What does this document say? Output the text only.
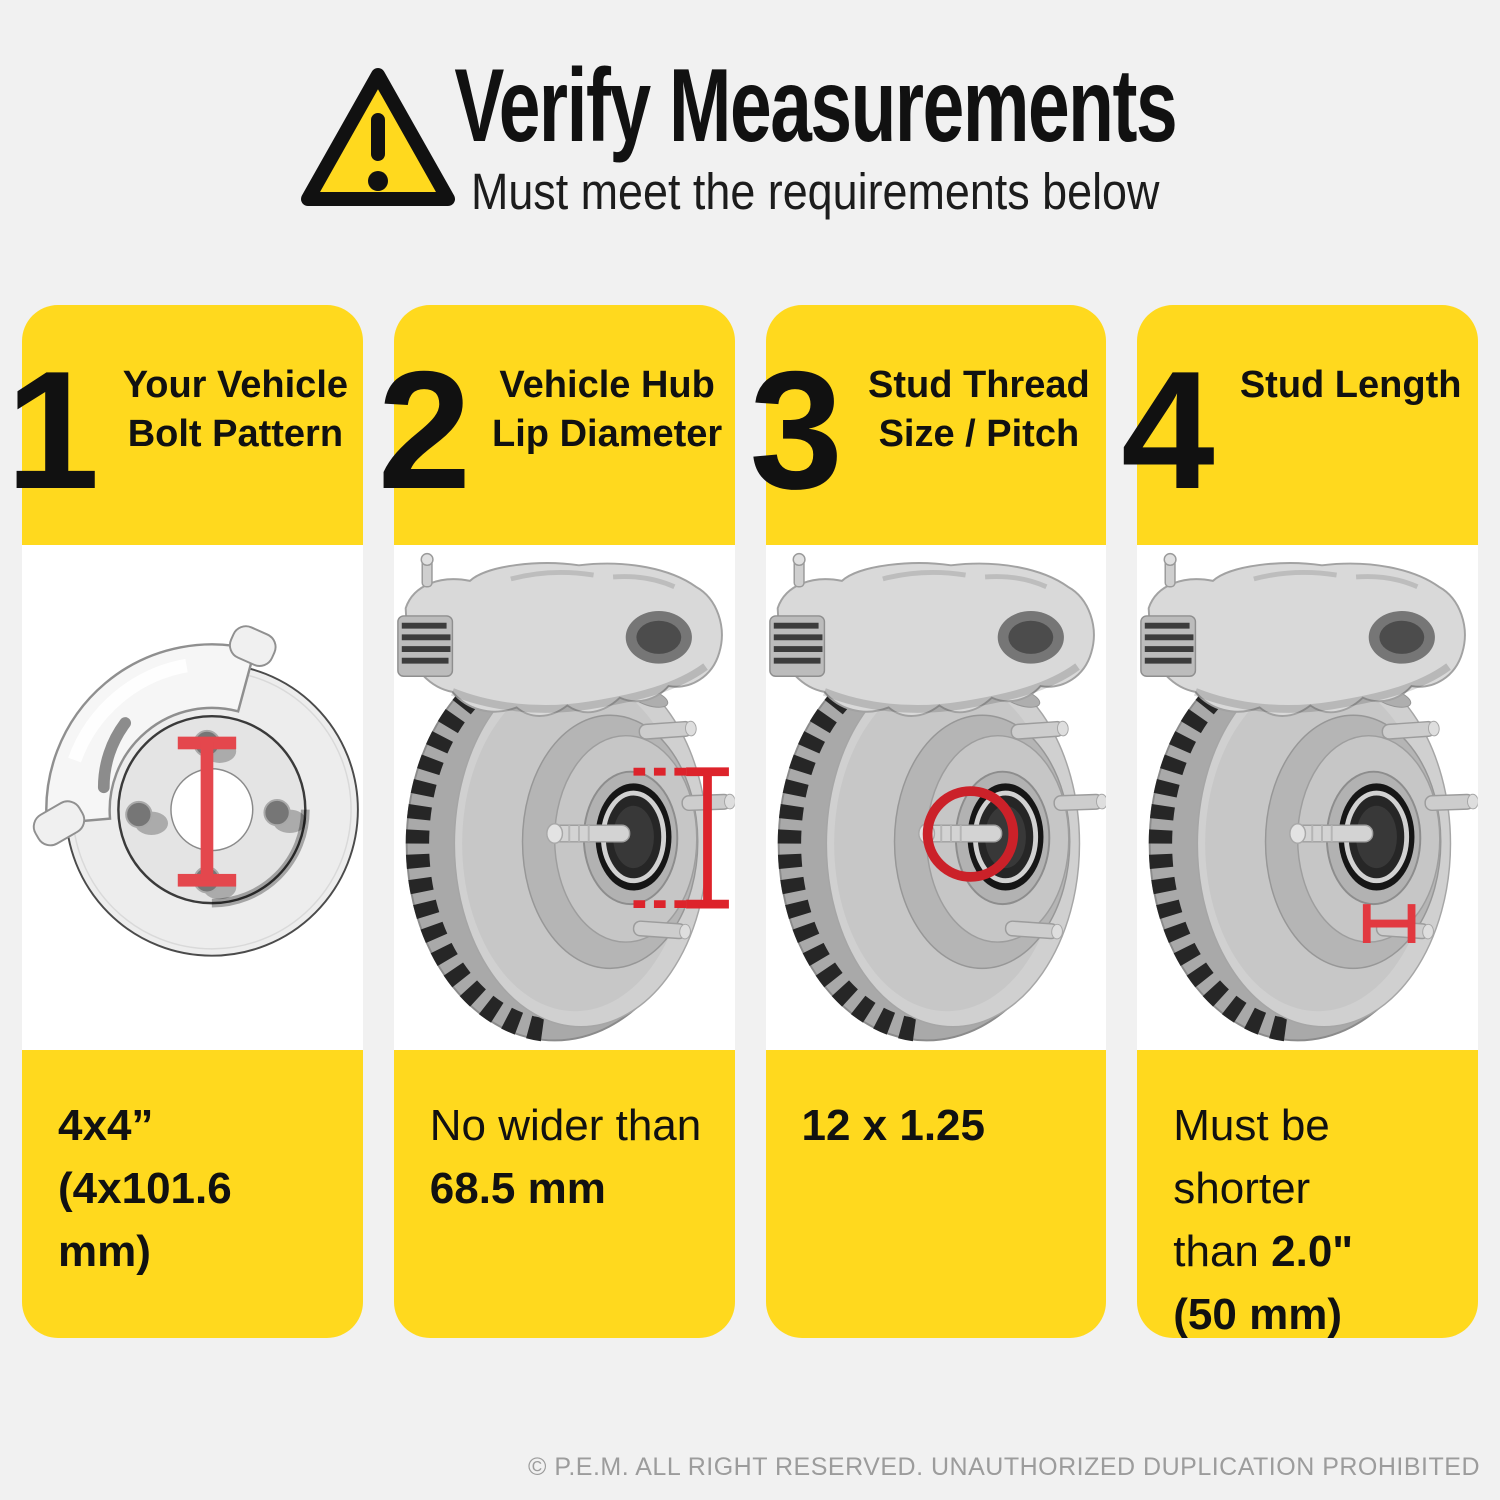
Verify Measurements
Must meet the requirements below
1 Your Vehicle
Bolt Pattern
4x4”
(4x101.6 mm)
2 Vehicle Hub
Lip Diameter
No wider than
68.5 mm
3 Stud Thread
Size / Pitch
12 x 1.25
4 Stud Length
Must be shorter
than 2.0"
(50 mm)
© P.E.M. ALL RIGHT RESERVED. UNAUTHORIZED DUPLICATION PROHIBITED
